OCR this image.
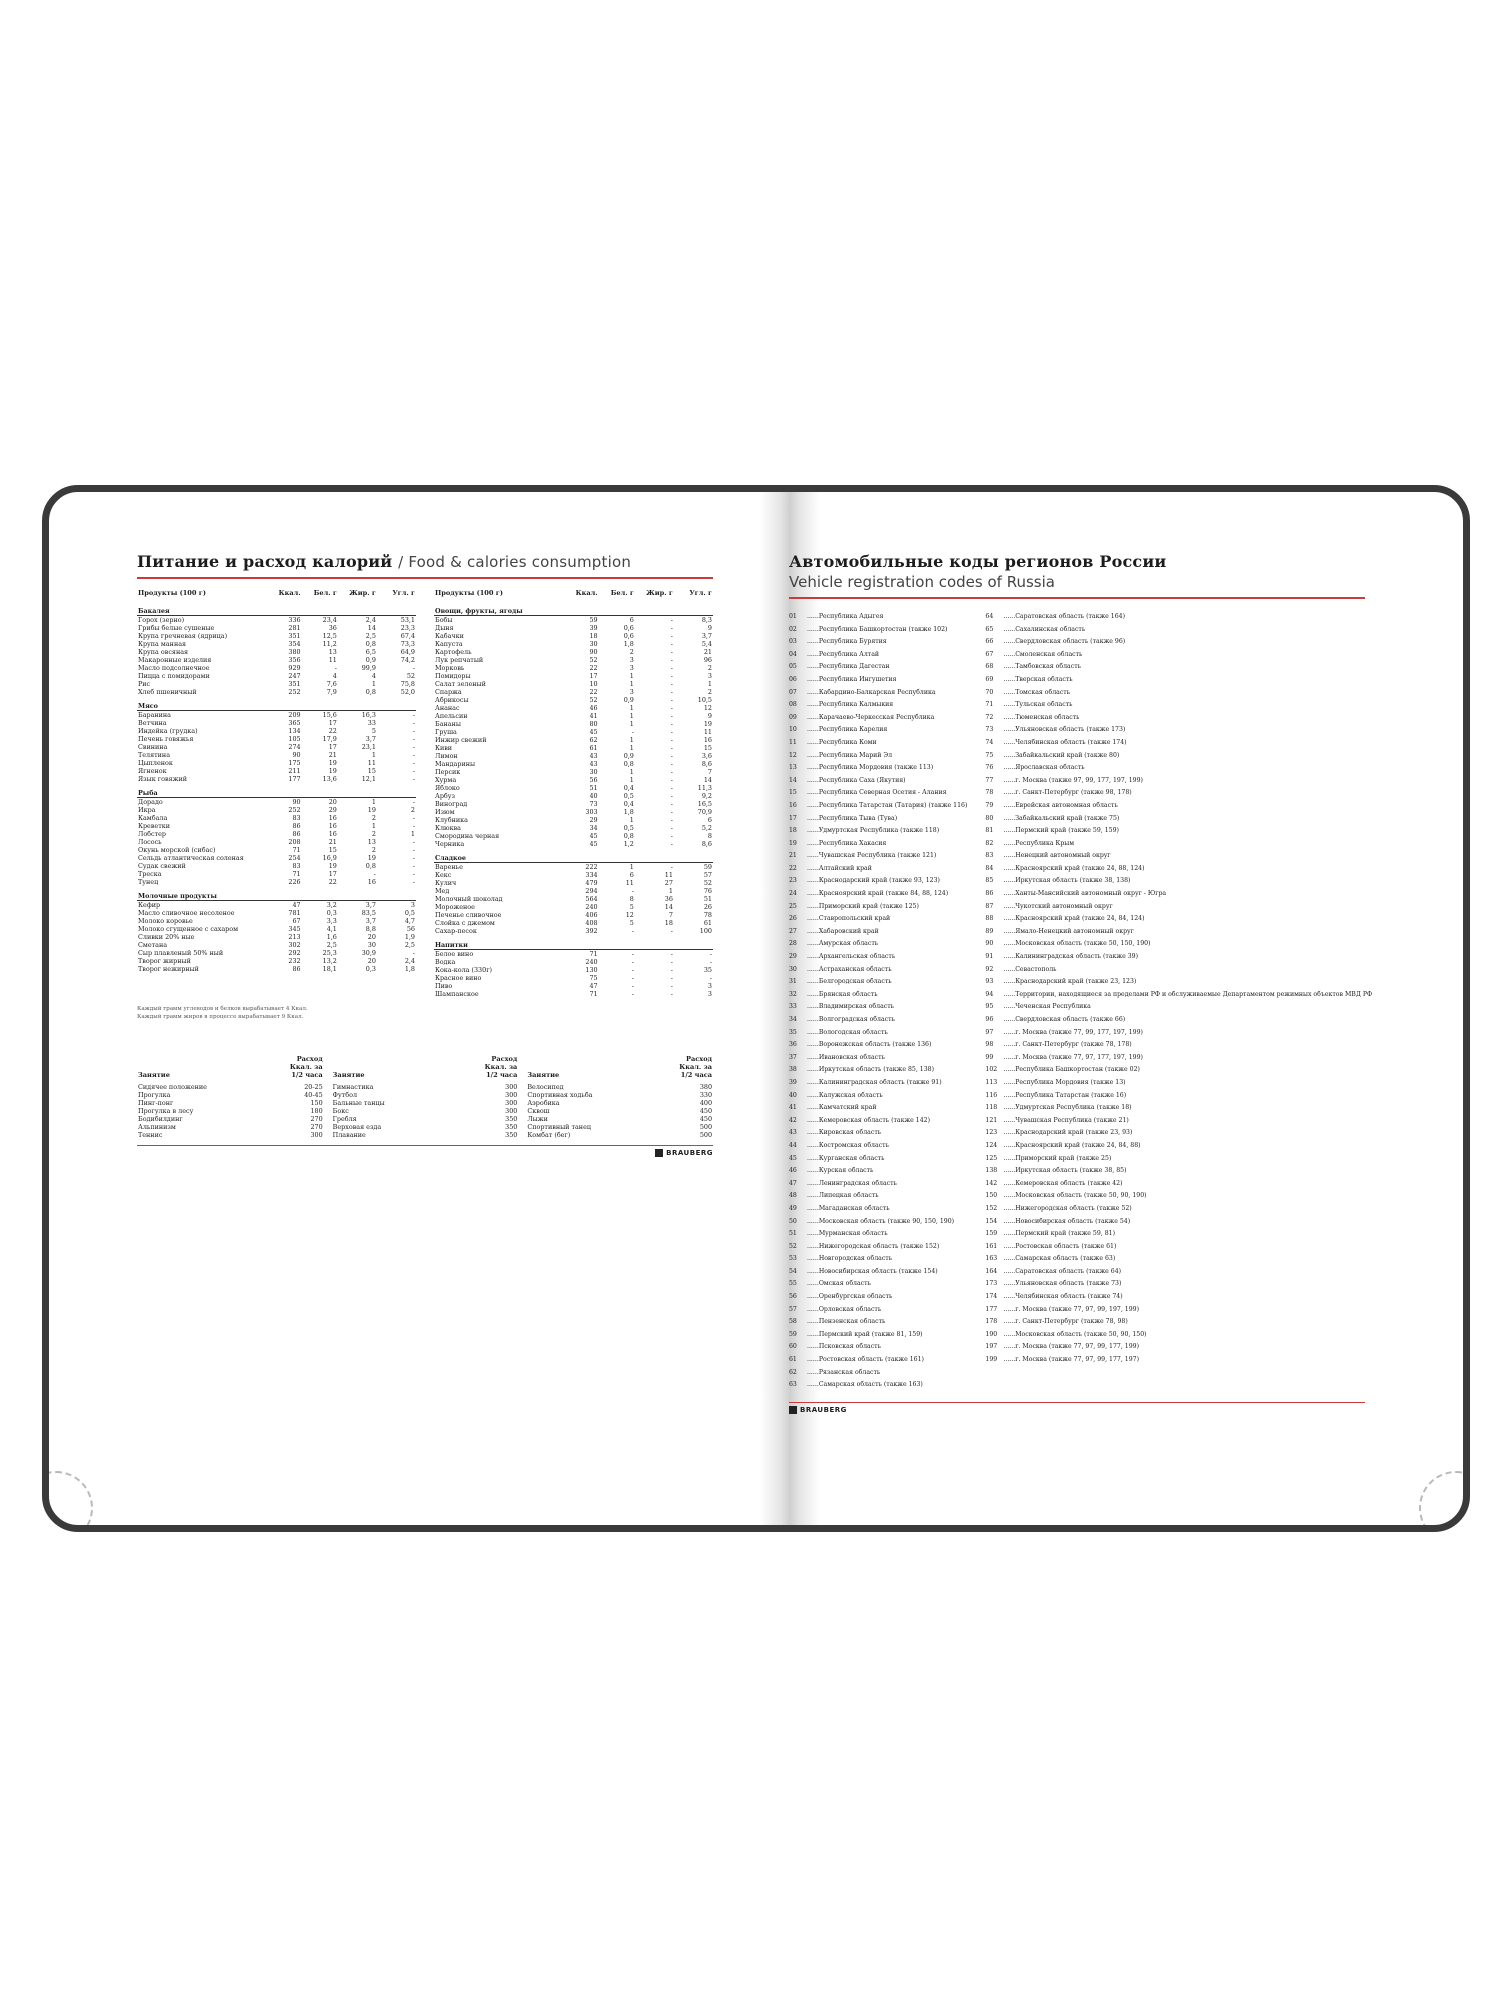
Питание и расход калорий / Food & calories consumption
Продукты (100 г)	Ккал.	Бел. г	Жир. г	Угл. г
Бакалея				
Горох (зерно)	336	23,4	2,4	53,1
Грибы белые сушеные	281	36	14	23,3
Крупа гречневая (ядрица)	351	12,5	2,5	67,4
Крупа манная	354	11,2	0,8	73,3
Крупа овсяная	380	13	6,5	64,9
Макаронные изделия	356	11	0,9	74,2
Масло подсолнечное	929	-	99,9	-
Пицца с помидорами	247	4	4	52
Рис	351	7,6	1	75,8
Хлеб пшеничный	252	7,9	0,8	52,0
Мясо				
Баранина	209	15,6	16,3	-
Ветчина	365	17	33	-
Индейка (грудка)	134	22	5	-
Печень говяжья	105	17,9	3,7	-
Свинина	274	17	23,1	-
Телятина	90	21	1	-
Цыпленок	175	19	11	-
Ягненок	211	19	15	-
Язык говяжий	177	13,6	12,1	-
Рыба				
Дорадо	90	20	1	-
Икра	252	29	19	2
Камбала	83	16	2	-
Креветки	86	16	1	-
Лобстер	86	16	2	1
Лосось	208	21	13	-
Окунь морской (сибас)	71	15	2	-
Сельдь атлантическая соленая	254	16,9	19	-
Судак свежий	83	19	0,8	-
Треска	71	17	-	-
Тунец	226	22	16	-
Молочные продукты				
Кефир	47	3,2	3,7	3
Масло сливочное несоленое	781	0,3	83,5	0,5
Молоко коровье	67	3,3	3,7	4,7
Молоко сгущенное с сахаром	345	4,1	8,8	56
Сливки 20% ные	213	1,6	20	1,9
Сметана	302	2,5	30	2,5
Сыр плавленый 50% ный	292	25,3	30,9	-
Творог жирный	232	13,2	20	2,4
Творог нежирный	86	18,1	0,3	1,8
Продукты (100 г)	Ккал.	Бел. г	Жир. г	Угл. г
Овощи, фрукты, ягоды				
Бобы	59	6	-	8,3
Дыня	39	0,6	-	9
Кабачки	18	0,6	-	3,7
Капуста	30	1,8	-	5,4
Картофель	90	2	-	21
Лук репчатый	52	3	-	96
Морковь	22	3	-	2
Помидоры	17	1	-	3
Салат зеленый	10	1	-	1
Спаржа	22	3	-	2
Абрикосы	52	0,9	-	10,5
Ананас	46	1	-	12
Апельсин	41	1	-	9
Бананы	80	1	-	19
Груша	45	-	-	11
Инжир свежий	62	1	-	16
Киви	61	1	-	15
Лимон	43	0,9	-	3,6
Мандарины	43	0,8	-	8,6
Персик	30	1	-	7
Хурма	56	1	-	14
Яблоко	51	0,4	-	11,3
Арбуз	40	0,5	-	9,2
Виноград	73	0,4	-	16,5
Изюм	303	1,8	-	70,9
Клубника	29	1	-	6
Клюква	34	0,5	-	5,2
Смородина черная	45	0,8	-	8
Черника	45	1,2	-	8,6
Сладкое				
Варенье	222	1	-	59
Кекс	334	6	11	57
Кулич	479	11	27	52
Мед	294	-	1	76
Молочный шоколад	564	8	36	51
Мороженое	240	5	14	26
Печенье сливочное	406	12	7	78
Слойка с джемом	408	5	18	61
Сахар-песок	392	-	-	100
Напитки				
Белое вино	71	-	-	-
Водка	240	-	-	-
Кока-кола (330г)	130	-	-	35
Красное вино	75	-	-	-
Пиво	47	-	-	3
Шампанское	71	-	-	3
Каждый грамм углеводов и белков вырабатывает 4 Ккал.
Каждый грамм жиров в процессе вырабатывает 9 Ккал.
Занятие	Расход Ккал. за 1/2 часа
Сидячее положение	20-25
Прогулка	40-45
Пинг-понг	150
Прогулка в лесу	180
Бодибилдинг	270
Альпинизм	270
Теннис	300
Занятие	Расход Ккал. за 1/2 часа
Гимнастика	300
Футбол	300
Бальные танцы	300
Бокс	300
Гребля	350
Верховая езда	350
Плавание	350
Занятие	Расход Ккал. за 1/2 часа
Велосипед	380
Спортивная ходьба	330
Аэробика	400
Сквош	450
Лыжи	450
Спортивный танец	500
Комбат (бег)	500
BRAUBERG
Автомобильные коды регионов России
Vehicle registration codes of Russia
01 ......Республика Адыгея
02 ......Республика Башкортостан (также 102)
03 ......Республика Бурятия
04 ......Республика Алтай
05 ......Республика Дагестан
06 ......Республика Ингушетия
07 ......Кабардино-Балкарская Республика
08 ......Республика Калмыкия
09 ......Карачаево-Черкесская Республика
10 ......Республика Карелия
11 ......Республика Коми
12 ......Республика Марий Эл
13 ......Республика Мордовия (также 113)
14 ......Республика Саха (Якутия)
15 ......Республика Северная Осетия - Алания
16 ......Республика Татарстан (Татария) (также 116)
17 ......Республика Тыва (Тува)
18 ......Удмуртская Республика (также 118)
19 ......Республика Хакасия
21 ......Чувашская Республика (также 121)
22 ......Алтайский край
23 ......Краснодарский край (также 93, 123)
24 ......Красноярский край (также 84, 88, 124)
25 ......Приморский край (также 125)
26 ......Ставропольский край
27 ......Хабаровский край
28 ......Амурская область
29 ......Архангельская область
30 ......Астраханская область
31 ......Белгородская область
32 ......Брянская область
33 ......Владимирская область
34 ......Волгоградская область
35 ......Вологодская область
36 ......Воронежская область (также 136)
37 ......Ивановская область
38 ......Иркутская область (также 85, 138)
39 ......Калининградская область (также 91)
40 ......Калужская область
41 ......Камчатский край
42 ......Кемеровская область (также 142)
43 ......Кировская область
44 ......Костромская область
45 ......Курганская область
46 ......Курская область
47 ......Ленинградская область
48 ......Липецкая область
49 ......Магаданская область
50 ......Московская область (также 90, 150, 190)
51 ......Мурманская область
52 ......Нижегородская область (также 152)
53 ......Новгородская область
54 ......Новосибирская область (также 154)
55 ......Омская область
56 ......Оренбургская область
57 ......Орловская область
58 ......Пензенская область
59 ......Пермский край (также 81, 159)
60 ......Псковская область
61 ......Ростовская область (также 161)
62 ......Рязанская область
63 ......Самарская область (также 163)
64 ......Саратовская область (также 164)
65 ......Сахалинская область
66 ......Свердловская область (также 96)
67 ......Смоленская область
68 ......Тамбовская область
69 ......Тверская область
70 ......Томская область
71 ......Тульская область
72 ......Тюменская область
73 ......Ульяновская область (также 173)
74 ......Челябинская область (также 174)
75 ......Забайкальский край (также 80)
76 ......Ярославская область
77 ......г. Москва (также 97, 99, 177, 197, 199)
78 ......г. Санкт-Петербург (также 98, 178)
79 ......Еврейская автономная область
80 ......Забайкальский край (также 75)
81 ......Пермский край (также 59, 159)
82 ......Республика Крым
83 ......Ненецкий автономный округ
84 ......Красноярский край (также 24, 88, 124)
85 ......Иркутская область (также 38, 138)
86 ......Ханты-Мансийский автономный округ - Югра
87 ......Чукотский автономный округ
88 ......Красноярский край (также 24, 84, 124)
89 ......Ямало-Ненецкий автономный округ
90 ......Московская область (также 50, 150, 190)
91 ......Калининградская область (также 39)
92 ......Севастополь
93 ......Краснодарский край (также 23, 123)
94 ......Территории, находящиеся за пределами РФ и обслуживаемые Департаментом режимных объектов МВД РФ
95 ......Чеченская Республика
96 ......Свердловская область (также 66)
97 ......г. Москва (также 77, 99, 177, 197, 199)
98 ......г. Санкт-Петербург (также 78, 178)
99 ......г. Москва (также 77, 97, 177, 197, 199)
102 ......Республика Башкортостан (также 02)
113 ......Республика Мордовия (также 13)
116 ......Республика Татарстан (также 16)
118 ......Удмуртская Республика (также 18)
121 ......Чувашская Республика (также 21)
123 ......Краснодарский край (также 23, 93)
124 ......Красноярский край (также 24, 84, 88)
125 ......Приморский край (также 25)
138 ......Иркутская область (также 38, 85)
142 ......Кемеровская область (также 42)
150 ......Московская область (также 50, 90, 190)
152 ......Нижегородская область (также 52)
154 ......Новосибирская область (также 54)
159 ......Пермский край (также 59, 81)
161 ......Ростовская область (также 61)
163 ......Самарская область (также 63)
164 ......Саратовская область (также 64)
173 ......Ульяновская область (также 73)
174 ......Челябинская область (также 74)
177 ......г. Москва (также 77, 97, 99, 197, 199)
178 ......г. Санкт-Петербург (также 78, 98)
190 ......Московская область (также 50, 90, 150)
197 ......г. Москва (также 77, 97, 99, 177, 199)
199 ......г. Москва (также 77, 97, 99, 177, 197)
BRAUBERG
